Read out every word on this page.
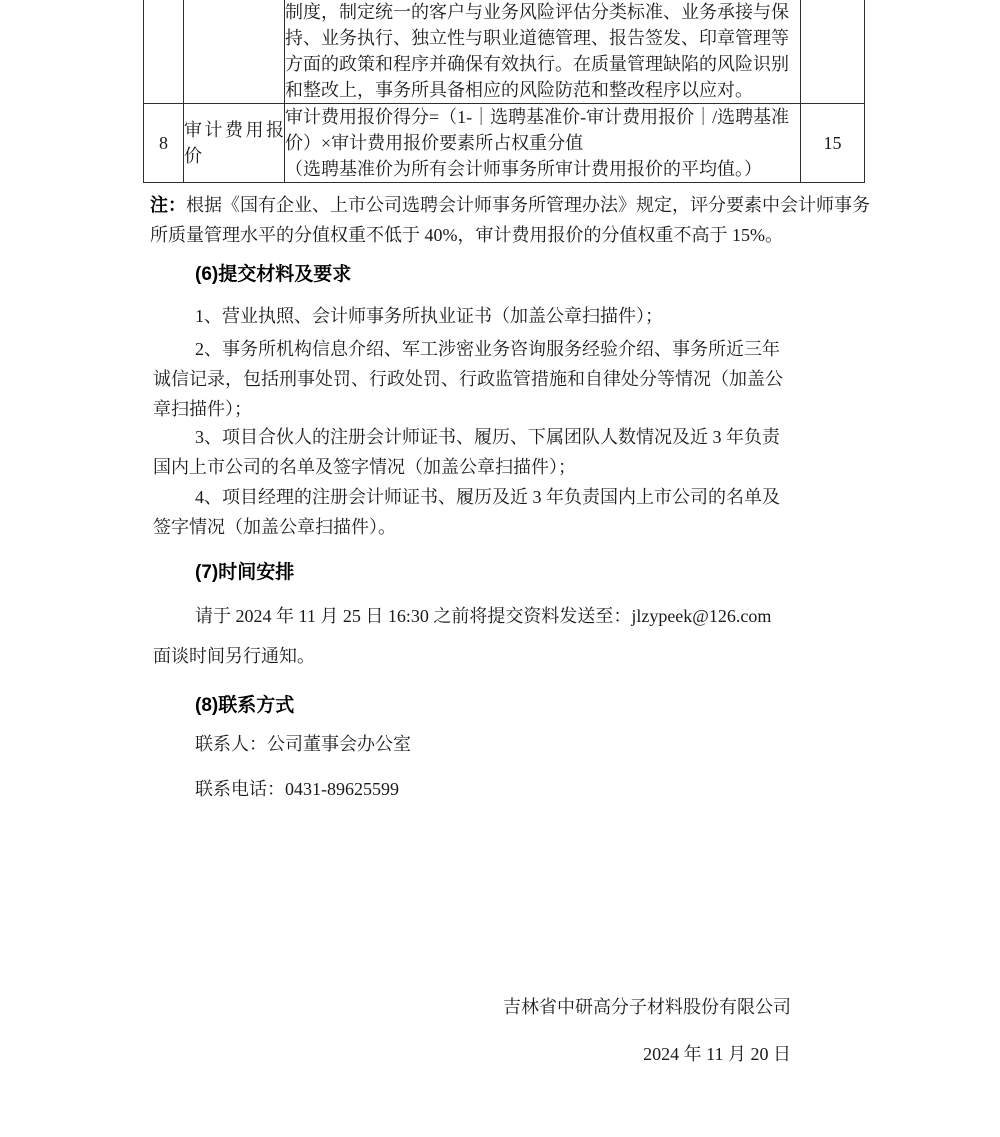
		制度，制定统一的客户与业务风险评估分类标准、业务承接与保
持、业务执行、独立性与职业道德管理、报告签发、印章管理等
方面的政策和程序并确保有效执行。在质量管理缺陷的风险识别
和整改上，事务所具备相应的风险防范和整改程序以应对。	

8	审计费用报价	审计费用报价得分=（1-｜选聘基准价-审计费用报价｜/选聘基准
价）×审计费用报价要素所占权重分值
（选聘基准价为所有会计师事务所审计费用报价的平均值。）	15
注：根据《国有企业、上市公司选聘会计师事务所管理办法》规定，评分要素中会计师事务
所质量管理水平的分值权重不低于 40%，审计费用报价的分值权重不高于 15%。
(6)提交材料及要求
1、营业执照、会计师事务所执业证书（加盖公章扫描件）；
2、事务所机构信息介绍、军工涉密业务咨询服务经验介绍、事务所近三年
诚信记录，包括刑事处罚、行政处罚、行政监管措施和自律处分等情况（加盖公
章扫描件）；
3、项目合伙人的注册会计师证书、履历、下属团队人数情况及近 3 年负责
国内上市公司的名单及签字情况（加盖公章扫描件）；
4、项目经理的注册会计师证书、履历及近 3 年负责国内上市公司的名单及
签字情况（加盖公章扫描件）。
(7)时间安排
请于 2024 年 11 月 25 日 16:30 之前将提交资料发送至：jlzypeek@126.com
面谈时间另行通知。
(8)联系方式
联系人：公司董事会办公室
联系电话：0431-89625599
吉林省中研高分子材料股份有限公司
2024 年 11 月 20 日
